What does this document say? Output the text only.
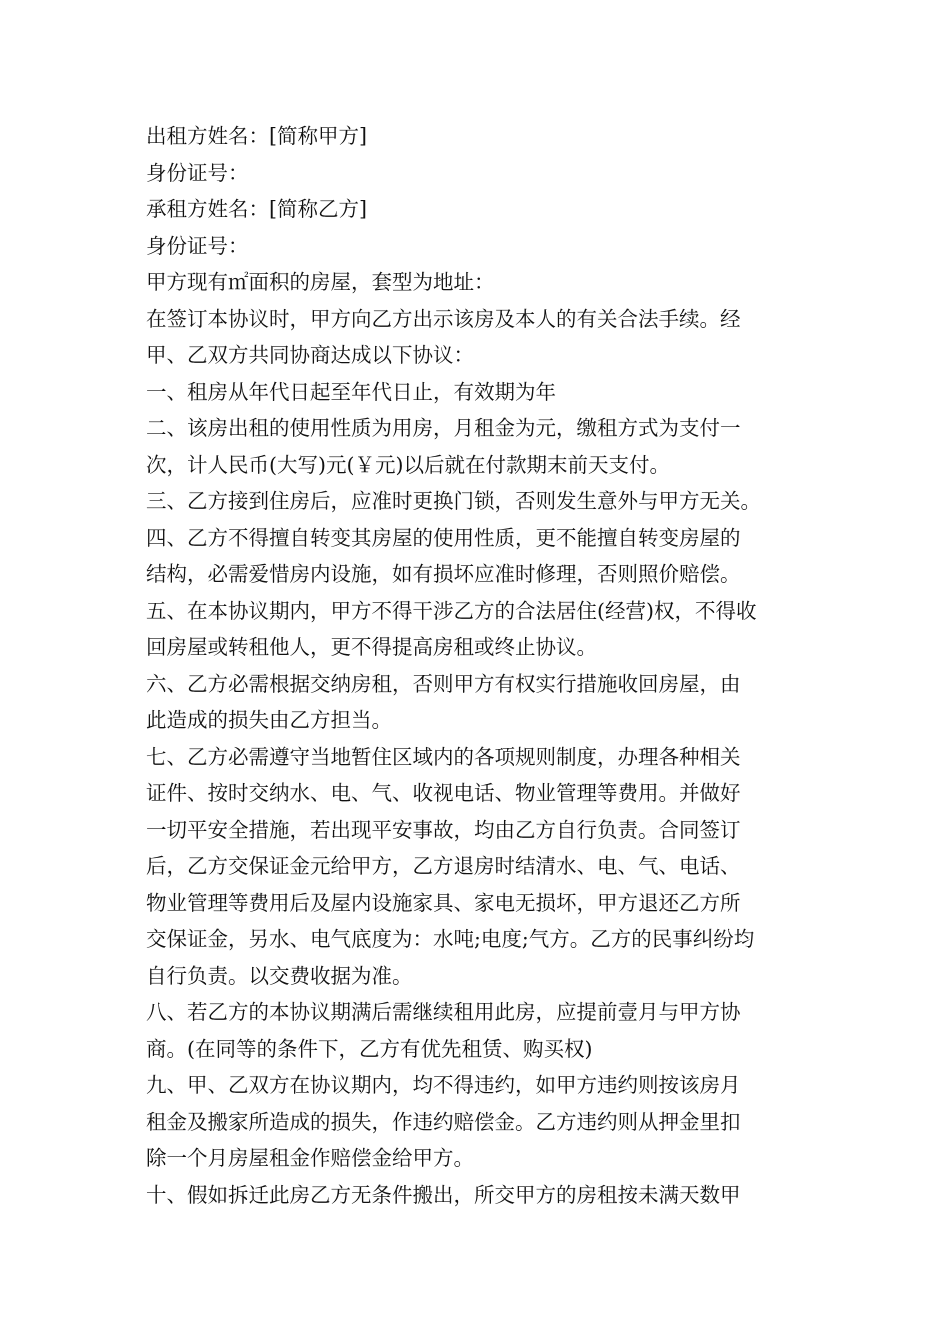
出租方姓名：[简称甲方]
身份证号：
承租方姓名：[简称乙方]
身份证号：
甲方现有㎡面积的房屋，套型为地址：
在签订本协议时，甲方向乙方出示该房及本人的有关合法手续。经
甲、乙双方共同协商达成以下协议：
一、租房从年代日起至年代日止，有效期为年
二、该房出租的使用性质为用房，月租金为元，缴租方式为支付一
次，计人民币(大写)元(￥元)以后就在付款期末前天支付。
三、乙方接到住房后，应准时更换门锁，否则发生意外与甲方无关。
四、乙方不得擅自转变其房屋的使用性质，更不能擅自转变房屋的
结构，必需爱惜房内设施，如有损坏应准时修理，否则照价赔偿。
五、在本协议期内，甲方不得干涉乙方的合法居住(经营)权，不得收
回房屋或转租他人，更不得提高房租或终止协议。
六、乙方必需根据交纳房租，否则甲方有权实行措施收回房屋，由
此造成的损失由乙方担当。
七、乙方必需遵守当地暂住区域内的各项规则制度，办理各种相关
证件、按时交纳水、电、气、收视电话、物业管理等费用。并做好
一切平安全措施，若出现平安事故，均由乙方自行负责。合同签订
后，乙方交保证金元给甲方，乙方退房时结清水、电、气、电话、
物业管理等费用后及屋内设施家具、家电无损坏，甲方退还乙方所
交保证金，另水、电气底度为：水吨;电度;气方。乙方的民事纠纷均
自行负责。以交费收据为准。
八、若乙方的本协议期满后需继续租用此房，应提前壹月与甲方协
商。(在同等的条件下，乙方有优先租赁、购买权)
九、甲、乙双方在协议期内，均不得违约，如甲方违约则按该房月
租金及搬家所造成的损失，作违约赔偿金。乙方违约则从押金里扣
除一个月房屋租金作赔偿金给甲方。
十、假如拆迁此房乙方无条件搬出，所交甲方的房租按未满天数甲
